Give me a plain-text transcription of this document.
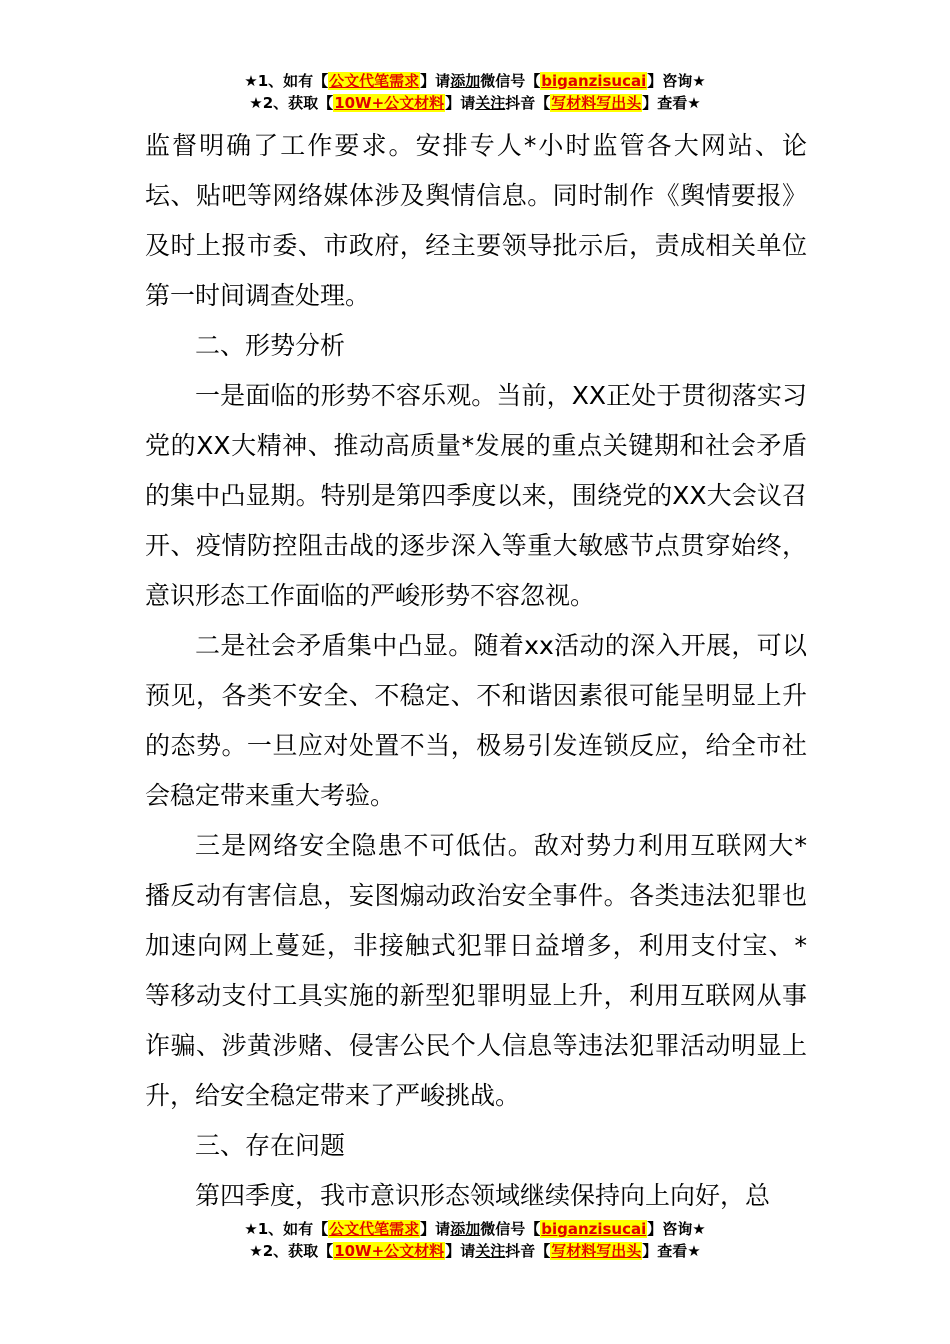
★1、如有【公文代笔需求】请添加微信号【biganzisucai】咨询★
★2、获取【10W+公文材料】请关注抖音【写材料写出头】查看★

监督明确了工作要求。安排专人*小时监管各大网站、论坛、贴吧等网络媒体涉及舆情信息。同时制作《舆情要报》及时上报市委、市政府，经主要领导批示后，责成相关单位第一时间调查处理。

二、形势分析

一是面临的形势不容乐观。当前，XX正处于贯彻落实习党的XX大精神、推动高质量*发展的重点关键期和社会矛盾的集中凸显期。特别是第四季度以来，围绕党的XX大会议召开、疫情防控阻击战的逐步深入等重大敏感节点贯穿始终，意识形态工作面临的严峻形势不容忽视。

二是社会矛盾集中凸显。随着xx活动的深入开展，可以预见，各类不安全、不稳定、不和谐因素很可能呈明显上升的态势。一旦应对处置不当，极易引发连锁反应，给全市社会稳定带来重大考验。

三是网络安全隐患不可低估。敌对势力利用互联网大*播反动有害信息，妄图煽动政治安全事件。各类违法犯罪也加速向网上蔓延，非接触式犯罪日益增多，利用支付宝、*等移动支付工具实施的新型犯罪明显上升，利用互联网从事诈骗、涉黄涉赌、侵害公民个人信息等违法犯罪活动明显上升，给安全稳定带来了严峻挑战。

三、存在问题

第四季度，我市意识形态领域继续保持向上向好，总

★1、如有【公文代笔需求】请添加微信号【biganzisucai】咨询★
★2、获取【10W+公文材料】请关注抖音【写材料写出头】查看★
